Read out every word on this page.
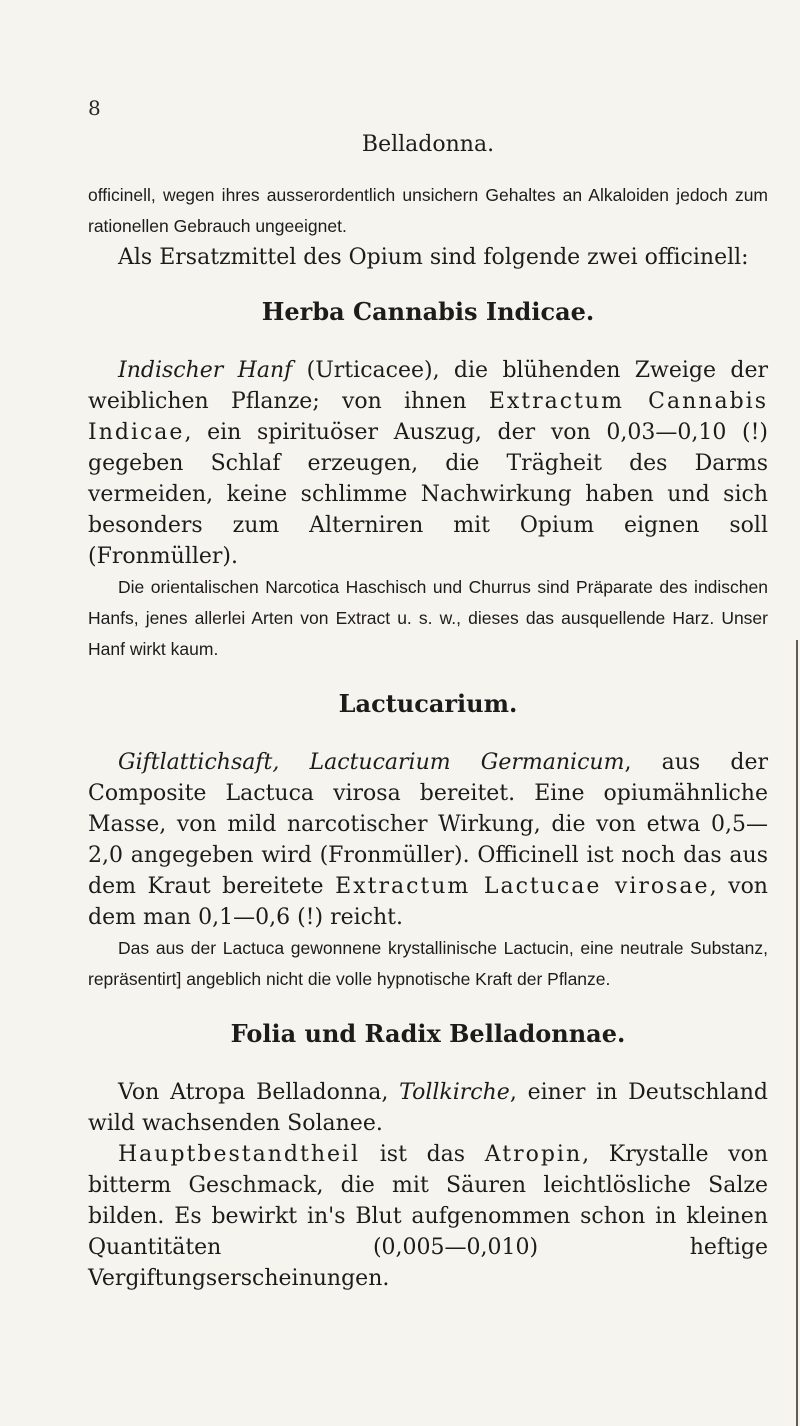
8
Belladonna.

officinell, wegen ihres ausserordentlich unsichern Gehaltes an Alkaloiden jedoch zum rationellen Gebrauch ungeeignet.

Als Ersatzmittel des Opium sind folgende zwei officinell:

Herba Cannabis Indicae.

Indischer Hanf (Urticacee), die blühenden Zweige der weiblichen Pflanze; von ihnen Extractum Cannabis Indicae, ein spirituöser Auszug, der von 0,03—0,10 (!) gegeben Schlaf erzeugen, die Trägheit des Darms vermeiden, keine schlimme Nachwirkung haben und sich besonders zum Alterniren mit Opium eignen soll (Fronmüller).

Die orientalischen Narcotica Haschisch und Churrus sind Präparate des indischen Hanfs, jenes allerlei Arten von Extract u. s. w., dieses das ausquellende Harz. Unser Hanf wirkt kaum.

Lactucarium.

Giftlattichsaft, Lactucarium Germanicum, aus der Composite Lactuca virosa bereitet. Eine opiumähnliche Masse, von mild narcotischer Wirkung, die von etwa 0,5—2,0 angegeben wird (Fronmüller). Officinell ist noch das aus dem Kraut bereitete Extractum Lactucae virosae, von dem man 0,1—0,6 (!) reicht.

Das aus der Lactuca gewonnene krystallinische Lactucin, eine neutrale Substanz, repräsentirt] angeblich nicht die volle hypnotische Kraft der Pflanze.

Folia und Radix Belladonnae.

Von Atropa Belladonna, Tollkirche, einer in Deutschland wild wachsenden Solanee.

Hauptbestandtheil ist das Atropin, Krystalle von bitterm Geschmack, die mit Säuren leichtlösliche Salze bilden. Es bewirkt in's Blut aufgenommen schon in kleinen Quantitäten (0,005—0,010) heftige Vergiftungserscheinungen.
